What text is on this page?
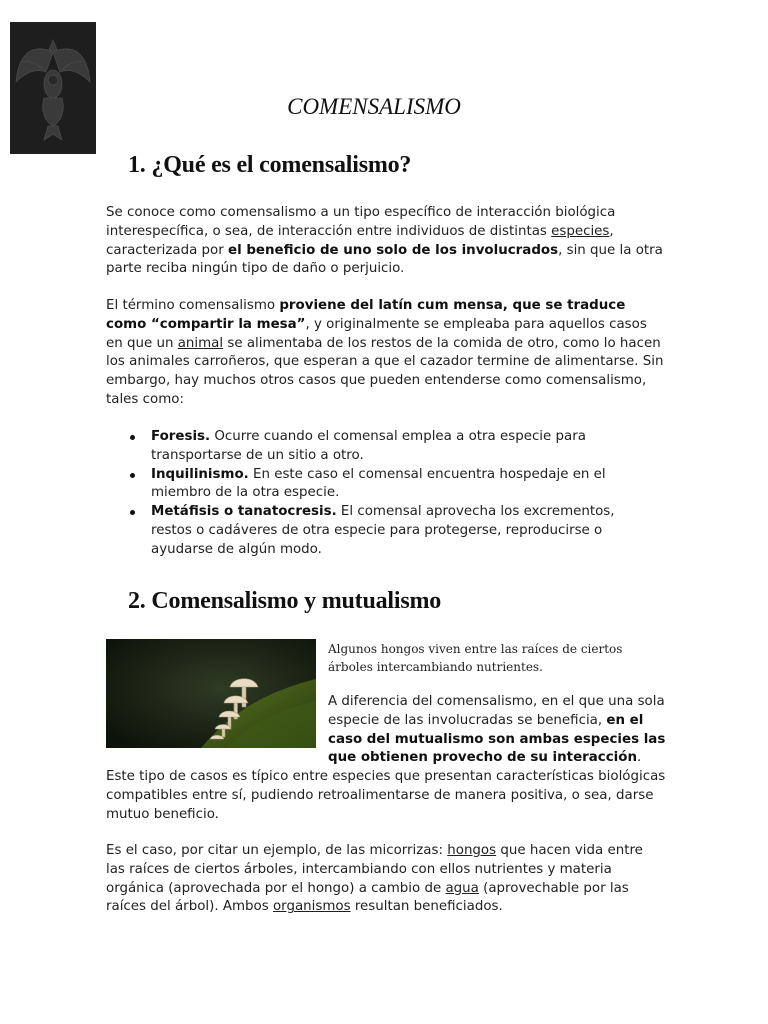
COMENSALISMO
1. ¿Qué es el comensalismo?

Se conoce como comensalismo a un tipo específico de interacción biológica interespecífica, o sea, de interacción entre individuos de distintas especies, caracterizada por el beneficio de uno solo de los involucrados, sin que la otra parte reciba ningún tipo de daño o perjuicio.

El término comensalismo proviene del latín cum mensa, que se traduce como “compartir la mesa”, y originalmente se empleaba para aquellos casos en que un animal se alimentaba de los restos de la comida de otro, como lo hacen los animales carroñeros, que esperan a que el cazador termine de alimentarse. Sin embargo, hay muchos otros casos que pueden entenderse como comensalismo, tales como:

Foresis. Ocurre cuando el comensal emplea a otra especie para transportarse de un sitio a otro.
Inquilinismo. En este caso el comensal encuentra hospedaje en el miembro de la otra especie.
Metáfisis o tanatocresis. El comensal aprovecha los excrementos, restos o cadáveres de otra especie para protegerse, reproducirse o ayudarse de algún modo.
2. Comensalismo y mutualismo
Algunos hongos viven entre las raíces de ciertos árboles intercambiando nutrientes.

A diferencia del comensalismo, en el que una sola especie de las involucradas se beneficia, en el caso del mutualismo son ambas especies las que obtienen provecho de su interacción. Este tipo de casos es típico entre especies que presentan características biológicas compatibles entre sí, pudiendo retroalimentarse de manera positiva, o sea, darse mutuo beneficio.

Es el caso, por citar un ejemplo, de las micorrizas: hongos que hacen vida entre las raíces de ciertos árboles, intercambiando con ellos nutrientes y materia orgánica (aprovechada por el hongo) a cambio de agua (aprovechable por las raíces del árbol). Ambos organismos resultan beneficiados.
